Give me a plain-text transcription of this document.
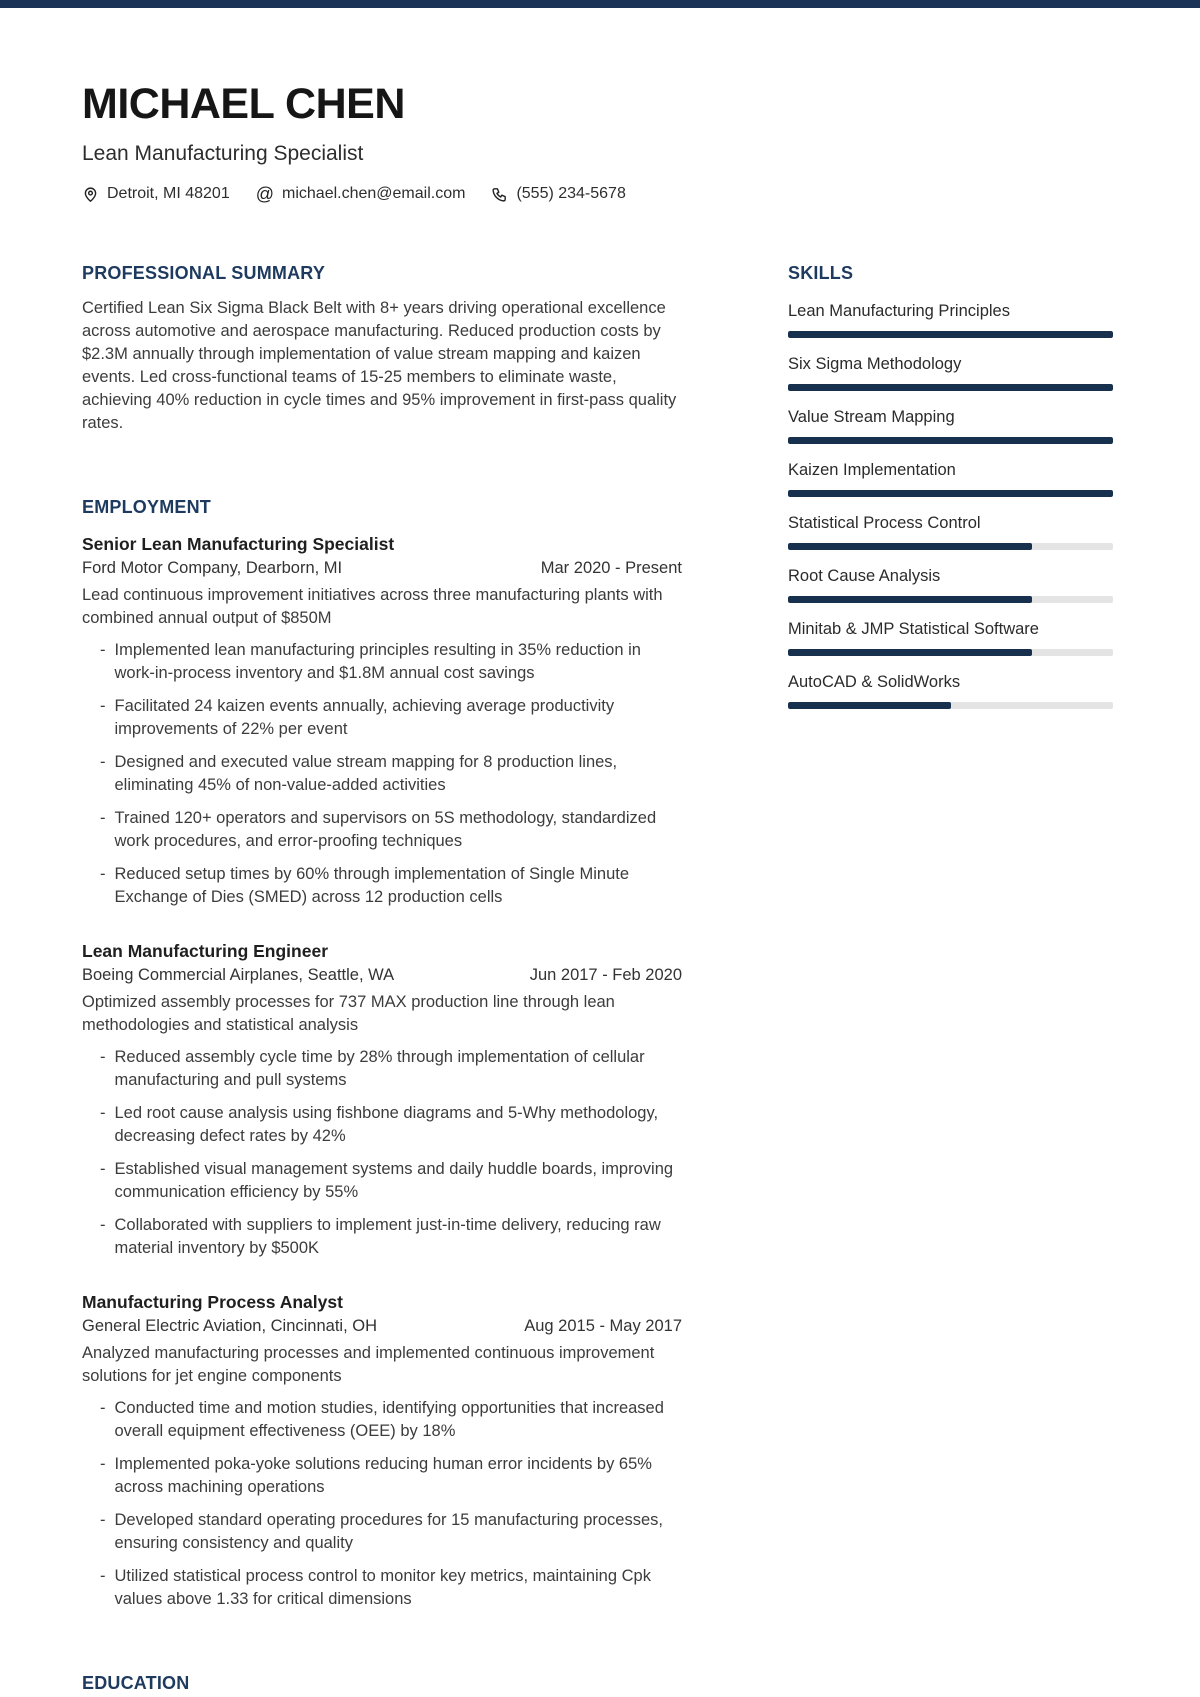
MICHAEL CHEN
Lean Manufacturing Specialist
Detroit, MI 48201 @ michael.chen@email.com	(555) 234-5678
PROFESSIONAL SUMMARY
Certified Lean Six Sigma Black Belt with 8+ years driving operational excellence across automotive and aerospace manufacturing. Reduced production costs by $2.3M annually through implementation of value stream mapping and kaizen events. Led cross-functional teams of 15-25 members to eliminate waste, achieving 40% reduction in cycle times and 95% improvement in first-pass quality rates.
EMPLOYMENT
Senior Lean Manufacturing Specialist
Ford Motor Company, Dearborn, MI	Mar 2020 - Present
Lead continuous improvement initiatives across three manufacturing plants with combined annual output of $850M
- Implemented lean manufacturing principles resulting in 35% reduction in work-in-process inventory and $1.8M annual cost savings
- Facilitated 24 kaizen events annually, achieving average productivity improvements of 22% per event
- Designed and executed value stream mapping for 8 production lines, eliminating 45% of non-value-added activities
- Trained 120+ operators and supervisors on 5S methodology, standardized work procedures, and error-proofing techniques
- Reduced setup times by 60% through implementation of Single Minute Exchange of Dies (SMED) across 12 production cells
Lean Manufacturing Engineer
Boeing Commercial Airplanes, Seattle, WA	Jun 2017 - Feb 2020
Optimized assembly processes for 737 MAX production line through lean methodologies and statistical analysis
- Reduced assembly cycle time by 28% through implementation of cellular manufacturing and pull systems
- Led root cause analysis using fishbone diagrams and 5-Why methodology, decreasing defect rates by 42%
- Established visual management systems and daily huddle boards, improving communication efficiency by 55%
- Collaborated with suppliers to implement just-in-time delivery, reducing raw material inventory by $500K
Manufacturing Process Analyst
General Electric Aviation, Cincinnati, OH	Aug 2015 - May 2017
Analyzed manufacturing processes and implemented continuous improvement solutions for jet engine components
- Conducted time and motion studies, identifying opportunities that increased overall equipment effectiveness (OEE) by 18%
- Implemented poka-yoke solutions reducing human error incidents by 65% across machining operations
- Developed standard operating procedures for 15 manufacturing processes, ensuring consistency and quality
- Utilized statistical process control to monitor key metrics, maintaining Cpk values above 1.33 for critical dimensions
EDUCATION
SKILLS
Lean Manufacturing Principles
Six Sigma Methodology
Value Stream Mapping
Kaizen Implementation
Statistical Process Control
Root Cause Analysis
Minitab & JMP Statistical Software
AutoCAD & SolidWorks
